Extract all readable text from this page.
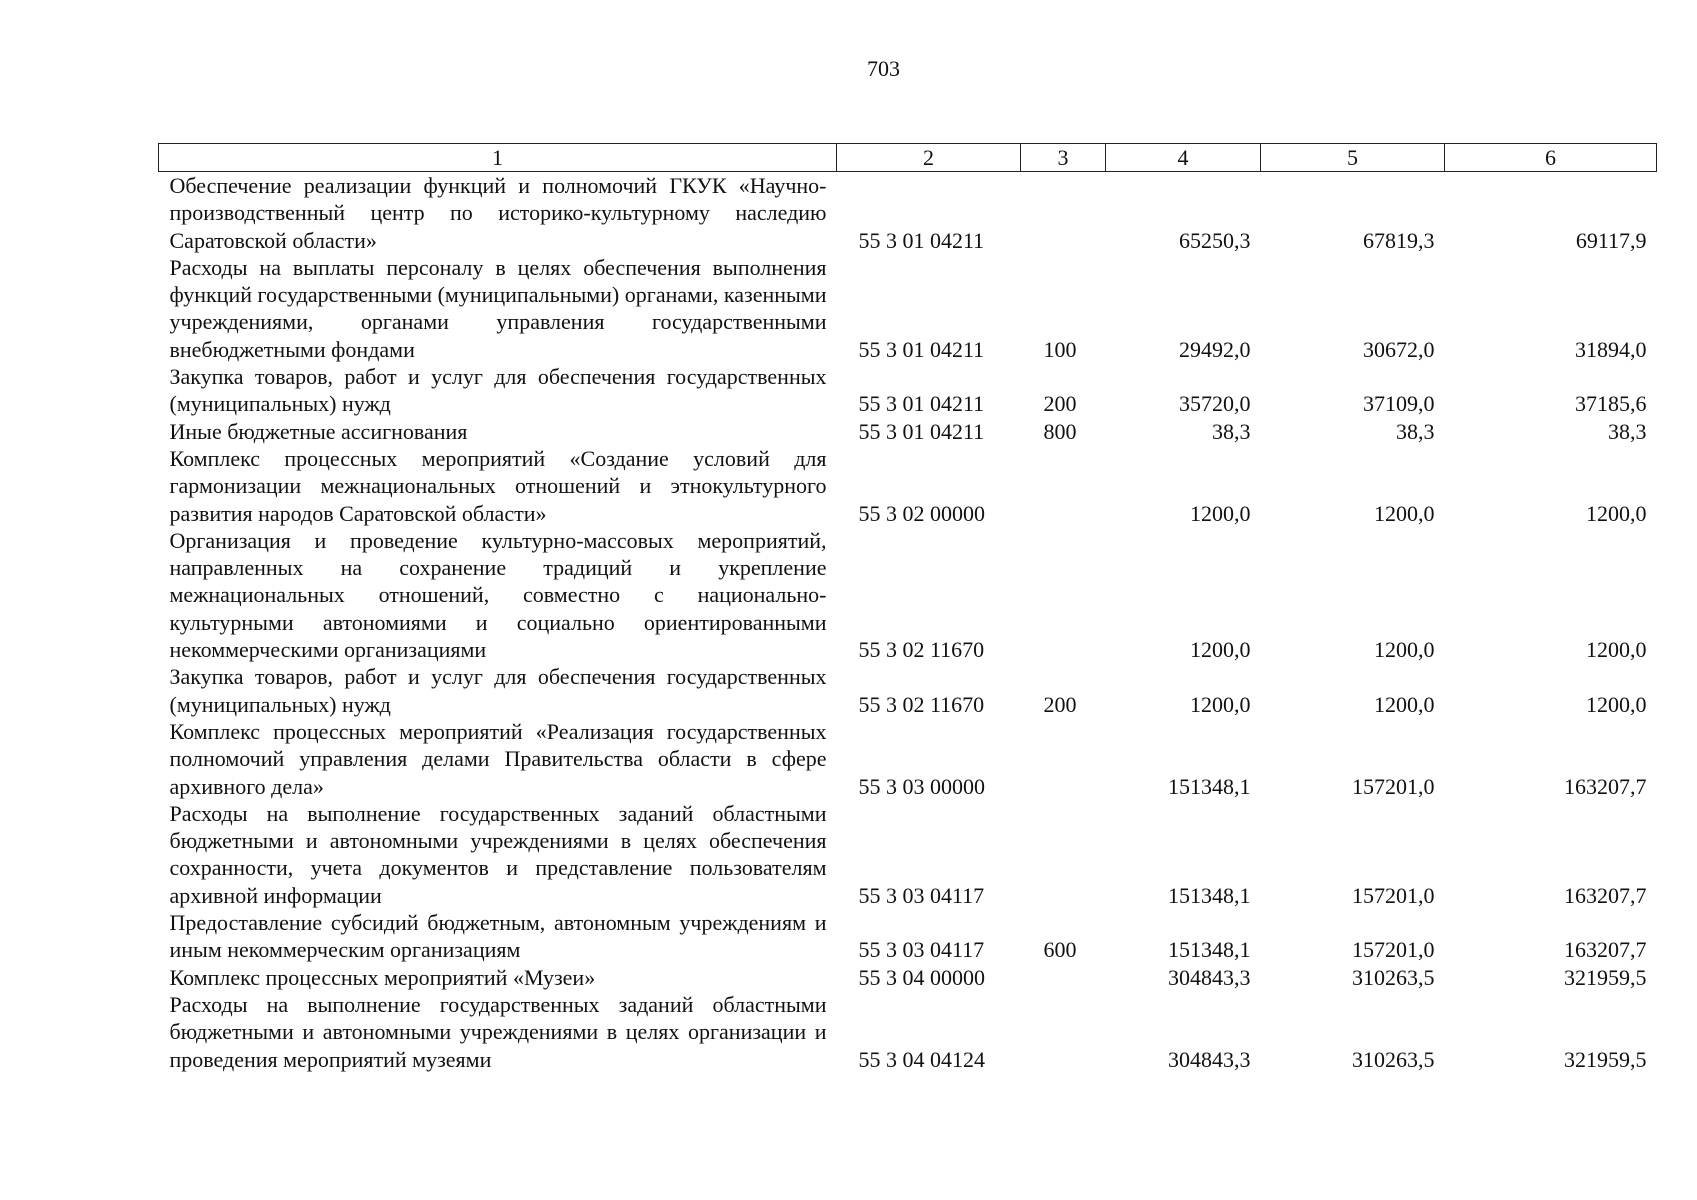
703
1	2	3	4	5	6
Обеспечение реализации функций и полномочий ГКУК «Научно-производственный центр по историко-культурному наследию Саратовской области»	55 3 01 04211		65250,3	67819,3	69117,9
Расходы на выплаты персоналу в целях обеспечения выполнения функций государственными (муниципальными) органами, казенными учреждениями, органами управления государственными внебюджетными фондами	55 3 01 04211	100	29492,0	30672,0	31894,0
Закупка товаров, работ и услуг для обеспечения государственных (муниципальных) нужд	55 3 01 04211	200	35720,0	37109,0	37185,6
Иные бюджетные ассигнования	55 3 01 04211	800	38,3	38,3	38,3
Комплекс процессных мероприятий «Создание условий для гармонизации межнациональных отношений и этнокультурного развития народов Саратовской области»	55 3 02 00000		1200,0	1200,0	1200,0
Организация и проведение культурно-массовых мероприятий, направленных на сохранение традиций и укрепление межнациональных отношений, совместно с национально-культурными автономиями и социально ориентированными некоммерческими организациями	55 3 02 11670		1200,0	1200,0	1200,0
Закупка товаров, работ и услуг для обеспечения государственных (муниципальных) нужд	55 3 02 11670	200	1200,0	1200,0	1200,0
Комплекс процессных мероприятий «Реализация государственных полномочий управления делами Правительства области в сфере архивного дела»	55 3 03 00000		151348,1	157201,0	163207,7
Расходы на выполнение государственных заданий областными бюджетными и автономными учреждениями в целях обеспечения сохранности, учета документов и представление пользователям архивной информации	55 3 03 04117		151348,1	157201,0	163207,7
Предоставление субсидий бюджетным, автономным учреждениям и иным некоммерческим организациям	55 3 03 04117	600	151348,1	157201,0	163207,7
Комплекс процессных мероприятий «Музеи»	55 3 04 00000		304843,3	310263,5	321959,5
Расходы на выполнение государственных заданий областными бюджетными и автономными учреждениями в целях организации и проведения мероприятий музеями	55 3 04 04124		304843,3	310263,5	321959,5
